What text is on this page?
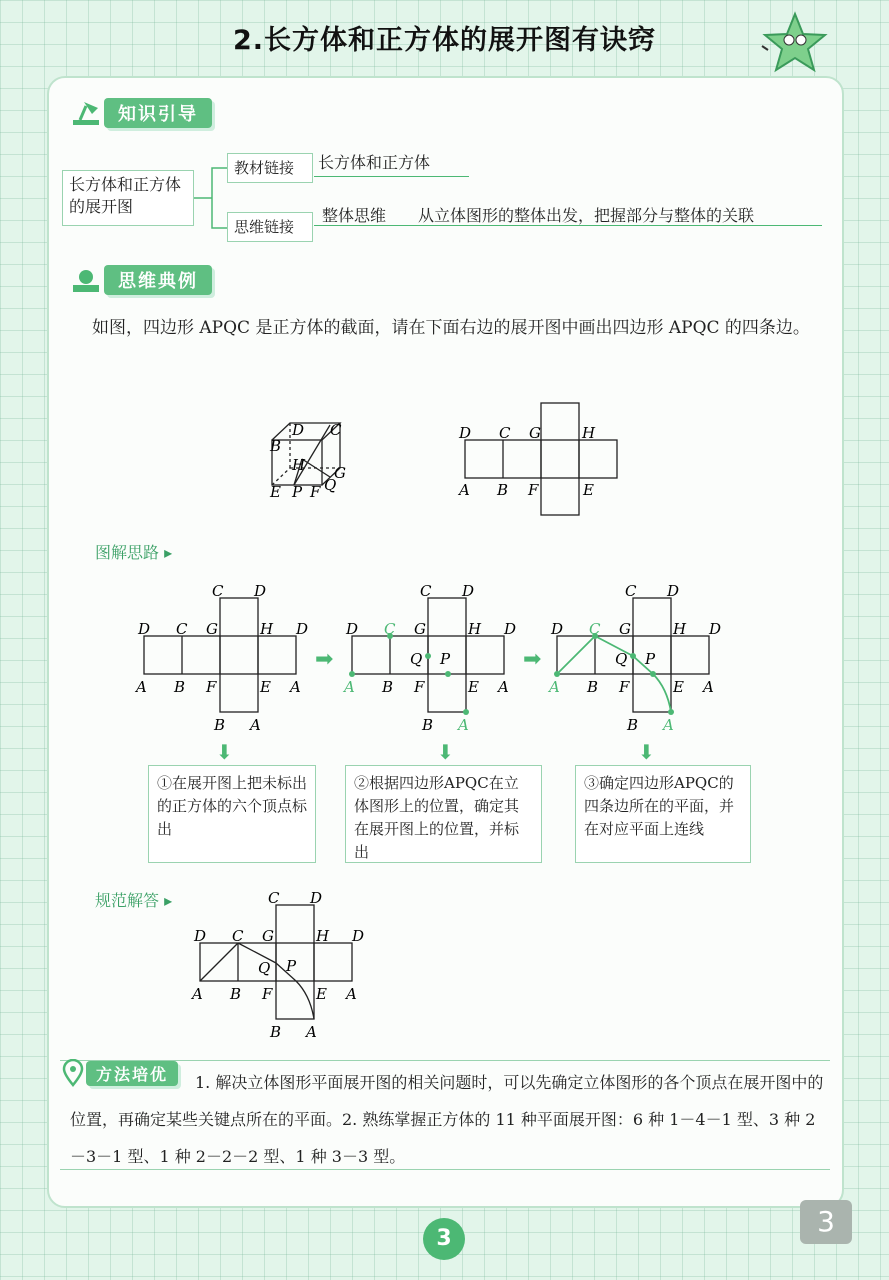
2.长方体和正方体的展开图有诀窍
知识引导
长方体和正方体的展开图
教材链接	长方体和正方体
思维链接
整体思维 从立体图形的整体出发，把握部分与整体的关联
思维典例
如图，四边形 APQC 是正方体的截面，请在下面右边的展开图中画出四边形 APQC 的四条边。
C
D
B
H G
E P F Q
D C G	H
A B F	E
图解思路 ▸
C D
D C G	H D
A B F	E A
B A
➡
C D
D C G	H D
A B F	E A
B A
Q P	➡
C D
D C G	H D
A B F	E A
B A
Q P
⬇	⬇	⬇
①在展开图上把未标出的正方体的六个顶点标出
②根据四边形APQC在立体图形上的位置，确定其在展开图上的位置，并标出
③确定四边形APQC的四条边所在的平面，并在对应平面上连线
规范解答 ▸	C D
D C G	H D
A B F	E A
B A
Q P
方法培优	1. 解决立体图形平面展开图的相关问题时，可以先确定立体图形的各个顶点在展开图中的位置，再确定某些关键点所在的平面。2. 熟练掌握正方体的 11 种平面展开图：6 种 1－4－1 型、3 种 2－3－1 型、1 种 2－2－2 型、1 种 3－3 型。
3
3
